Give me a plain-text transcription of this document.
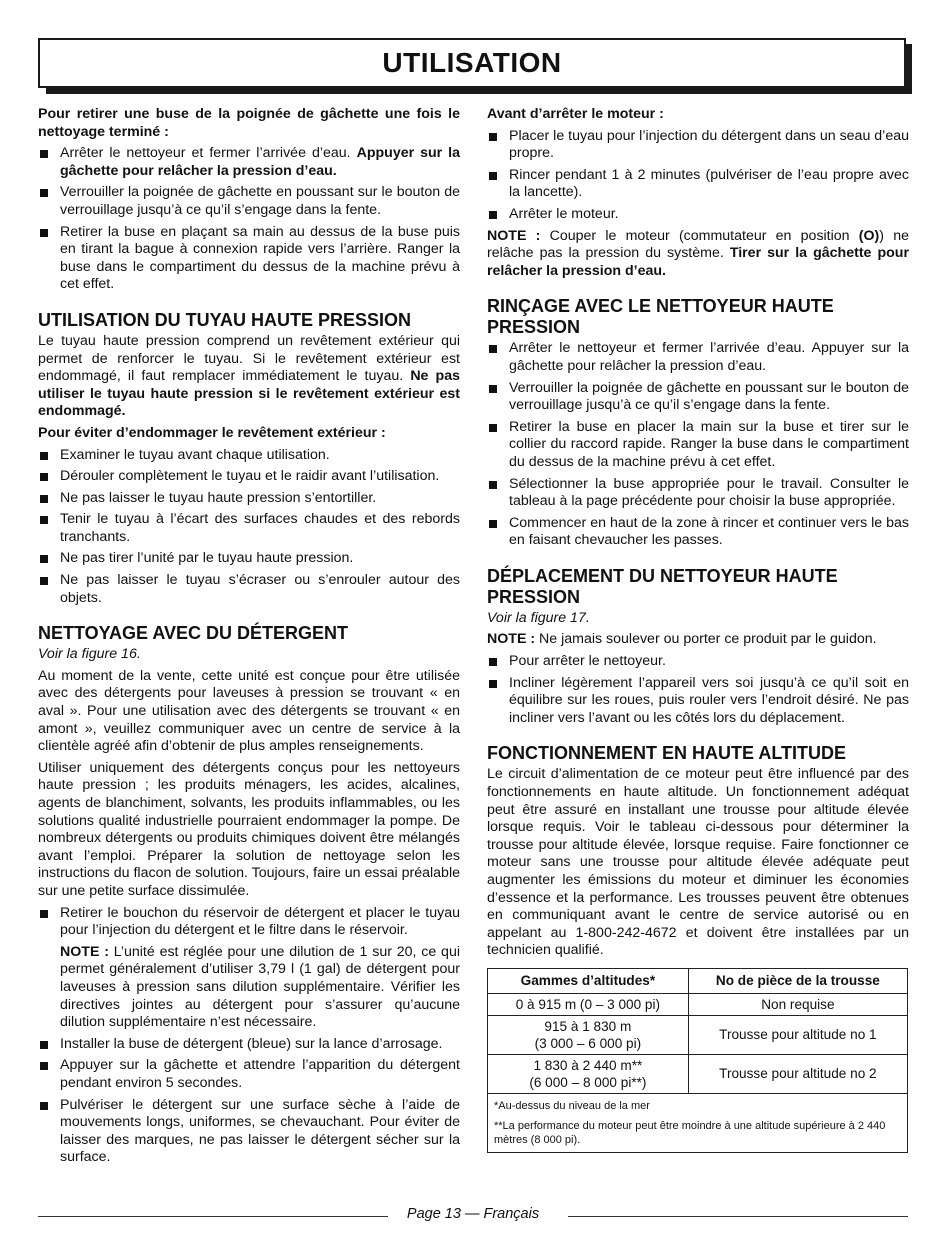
UTILISATION

Pour retirer une buse de la poignée de gâchette une fois le nettoyage terminé :

Arrêter le nettoyeur et fermer l’arrivée d’eau. Appuyer sur la gâchette pour relâcher la pression d’eau.
Verrouiller la poignée de gâchette en poussant sur le bouton de verrouillage jusqu’à ce qu’il s’engage dans la fente.
Retirer la buse en plaçant sa main au dessus de la buse puis en tirant la bague à connexion rapide vers l’arrière. Ranger la buse dans le compartiment du dessus de la machine prévu à cet effet.
UTILISATION DU TUYAU HAUTE PRESSION

Le tuyau haute pression comprend un revêtement extérieur qui permet de renforcer le tuyau. Si le revêtement extérieur est endommagé, il faut remplacer immédiatement le tuyau. Ne pas utiliser le tuyau haute pression si le revêtement extérieur est endommagé.

Pour éviter d’endommager le revêtement extérieur :

Examiner le tuyau avant chaque utilisation.
Dérouler complètement le tuyau et le raidir avant l’utilisation.
Ne pas laisser le tuyau haute pression s’entortiller.
Tenir le tuyau à l’écart des surfaces chaudes et des rebords tranchants.
Ne pas tirer l’unité par le tuyau haute pression.
Ne pas laisser le tuyau s’écraser ou s’enrouler autour des objets.
NETTOYAGE AVEC DU DÉTERGENT

Voir la figure 16.

Au moment de la vente, cette unité est conçue pour être utilisée avec des détergents pour laveuses à pression se trouvant « en aval ». Pour une utilisation avec des détergents se trouvant « en amont », veuillez communiquer avec un centre de service à la clientèle agréé afin d’obtenir de plus amples renseignements.

Utiliser uniquement des détergents conçus pour les nettoyeurs haute pression ; les produits ménagers, les acides, alcalines, agents de blanchiment, solvants, les produits inflammables, ou les solutions qualité industrielle pourraient endommager la pompe. De nombreux détergents ou produits chimiques doivent être mélangés avant l’emploi. Préparer la solution de nettoyage selon les instructions du flacon de solution. Toujours, faire un essai préalable sur une petite surface dissimulée.

Retirer le bouchon du réservoir de détergent et placer le tuyau pour l’injection du détergent et le filtre dans le réservoir.

NOTE : L’unité est réglée pour une dilution de 1 sur 20, ce qui permet généralement d’utiliser 3,79 l (1 gal) de détergent pour laveuses à pression sans dilution supplémentaire. Vérifier les directives jointes au détergent pour s’assurer qu’aucune dilution supplémentaire n’est nécessaire.

Installer la buse de détergent (bleue) sur la lance d’arrosage.
Appuyer sur la gâchette et attendre l’apparition du détergent pendant environ 5 secondes.
Pulvériser le détergent sur une surface sèche à l’aide de mouvements longs, uniformes, se chevauchant. Pour éviter de laisser des marques, ne pas laisser le détergent sécher sur la surface.

Avant d’arrêter le moteur :

Placer le tuyau pour l’injection du détergent dans un seau d’eau propre.
Rincer pendant 1 à 2 minutes (pulvériser de l’eau propre avec la lancette).
Arrêter le moteur.

NOTE : Couper le moteur (commutateur en position (O)) ne relâche pas la pression du système. Tirer sur la gâchette pour relâcher la pression d’eau.

RINÇAGE AVEC LE NETTOYEUR HAUTE PRESSION
Arrêter le nettoyeur et fermer l’arrivée d’eau. Appuyer sur la gâchette pour relâcher la pression d’eau.
Verrouiller la poignée de gâchette en poussant sur le bouton de verrouillage jusqu’à ce qu’il s’engage dans la fente.
Retirer la buse en placer la main sur la buse et tirer sur le collier du raccord rapide. Ranger la buse dans le compartiment du dessus de la machine prévu à cet effet.
Sélectionner la buse appropriée pour le travail. Consulter le tableau à la page précédente pour choisir la buse appropriée.
Commencer en haut de la zone à rincer et continuer vers le bas en faisant chevaucher les passes.
DÉPLACEMENT DU NETTOYEUR HAUTE PRESSION

Voir la figure 17.

NOTE : Ne jamais soulever ou porter ce produit par le guidon.

Pour arrêter le nettoyeur.
Incliner légèrement l’appareil vers soi jusqu’à ce qu’il soit en équilibre sur les roues, puis rouler vers l’endroit désiré. Ne pas incliner vers l’avant ou les côtés lors du déplacement.
FONCTIONNEMENT EN HAUTE ALTITUDE

Le circuit d’alimentation de ce moteur peut être influencé par des fonctionnements en haute altitude. Un fonctionnement adéquat peut être assuré en installant une trousse pour altitude élevée lorsque requis. Voir le tableau ci-dessous pour déterminer la trousse pour altitude élevée, lorsque requise. Faire fonctionner ce moteur sans une trousse pour altitude élevée adéquate peut augmenter les émissions du moteur et diminuer les économies d’essence et la performance. Les trousses peuvent être obtenues en communiquant avant le centre de service autorisé ou en appelant au 1-800-242-4672 et doivent être installées par un technicien qualifié.

Gammes d’altitudes*	No de pièce de la trousse
0 à 915 m (0 – 3 000 pi)	Non requise

915 à 1 830 m
(3 000 – 6 000 pi)	Trousse pour altitude no 1

1 830 à 2 440 m**
(6 000 – 8 000 pi**)	Trousse pour altitude no 2

*Au-dessus du niveau de la mer
**La performance du moteur peut être moindre à une altitude supérieure à 2 440 mètres (8 000 pi).	
Page 13 — Français
